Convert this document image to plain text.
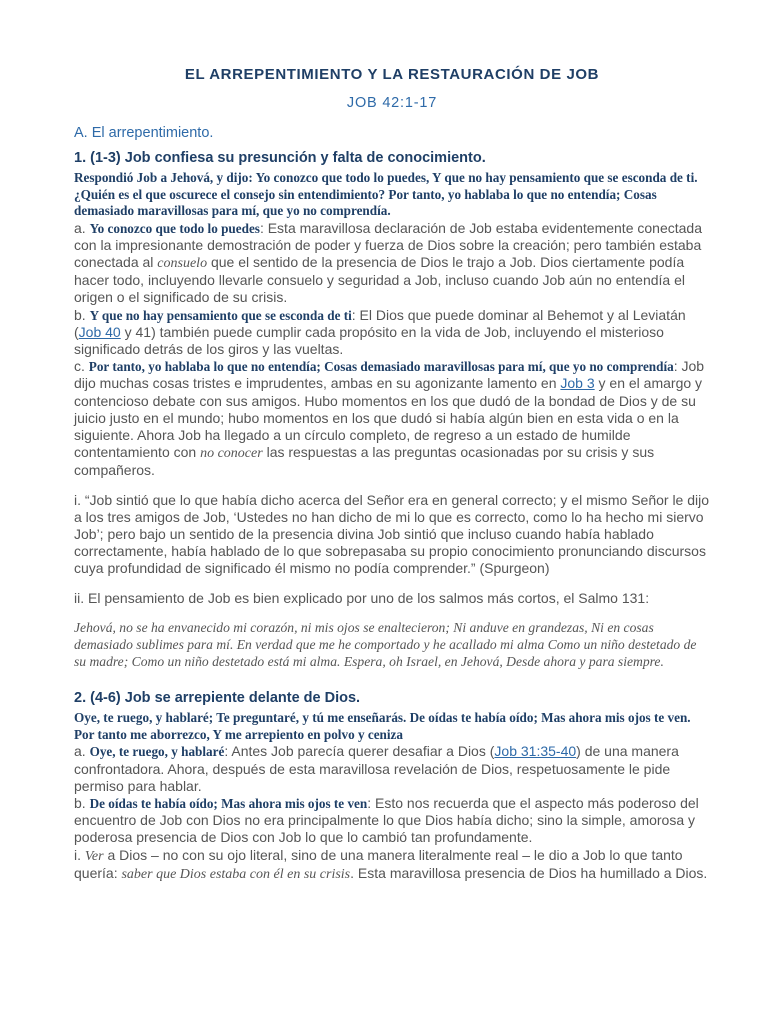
EL ARREPENTIMIENTO Y LA RESTAURACIÓN DE JOB
JOB 42:1-17
A. El arrepentimiento.
1. (1-3) Job confiesa su presunción y falta de conocimiento.

Respondió Job a Jehová, y dijo: Yo conozco que todo lo puedes, Y que no hay pensamiento que se esconda de ti. ¿Quién es el que oscurece el consejo sin entendimiento? Por tanto, yo hablaba lo que no entendía; Cosas demasiado maravillosas para mí, que yo no comprendía.

a. Yo conozco que todo lo puedes: Esta maravillosa declaración de Job estaba evidentemente conectada con la impresionante demostración de poder y fuerza de Dios sobre la creación; pero también estaba conectada al consuelo que el sentido de la presencia de Dios le trajo a Job. Dios ciertamente podía hacer todo, incluyendo llevarle consuelo y seguridad a Job, incluso cuando Job aún no entendía el origen o el significado de su crisis.

b. Y que no hay pensamiento que se esconda de ti: El Dios que puede dominar al Behemot y al Leviatán (Job 40 y 41) también puede cumplir cada propósito en la vida de Job, incluyendo el misterioso significado detrás de los giros y las vueltas.

c. Por tanto, yo hablaba lo que no entendía; Cosas demasiado maravillosas para mí, que yo no comprendía: Job dijo muchas cosas tristes e imprudentes, ambas en su agonizante lamento en Job 3 y en el amargo y contencioso debate con sus amigos. Hubo momentos en los que dudó de la bondad de Dios y de su juicio justo en el mundo; hubo momentos en los que dudó si había algún bien en esta vida o en la siguiente. Ahora Job ha llegado a un círculo completo, de regreso a un estado de humilde contentamiento con no conocer las respuestas a las preguntas ocasionadas por su crisis y sus compañeros.

i. “Job sintió que lo que había dicho acerca del Señor era en general correcto; y el mismo Señor le dijo a los tres amigos de Job, ‘Ustedes no han dicho de mi lo que es correcto, como lo ha hecho mi siervo Job’; pero bajo un sentido de la presencia divina Job sintió que incluso cuando había hablado correctamente, había hablado de lo que sobrepasaba su propio conocimiento pronunciando discursos cuya profundidad de significado él mismo no podía comprender.” (Spurgeon)

ii. El pensamiento de Job es bien explicado por uno de los salmos más cortos, el Salmo 131:

Jehová, no se ha envanecido mi corazón, ni mis ojos se enaltecieron; Ni anduve en grandezas, Ni en cosas demasiado sublimes para mí. En verdad que me he comportado y he acallado mi alma Como un niño destetado de su madre; Como un niño destetado está mi alma. Espera, oh Israel, en Jehová, Desde ahora y para siempre.

2. (4-6) Job se arrepiente delante de Dios.

Oye, te ruego, y hablaré; Te preguntaré, y tú me enseñarás. De oídas te había oído; Mas ahora mis ojos te ven. Por tanto me aborrezco, Y me arrepiento en polvo y ceniza

a. Oye, te ruego, y hablaré: Antes Job parecía querer desafiar a Dios (Job 31:35-40) de una manera confrontadora. Ahora, después de esta maravillosa revelación de Dios, respetuosamente le pide permiso para hablar.

b. De oídas te había oído; Mas ahora mis ojos te ven: Esto nos recuerda que el aspecto más poderoso del encuentro de Job con Dios no era principalmente lo que Dios había dicho; sino la simple, amorosa y poderosa presencia de Dios con Job lo que lo cambió tan profundamente.

i. Ver a Dios – no con su ojo literal, sino de una manera literalmente real – le dio a Job lo que tanto quería: saber que Dios estaba con él en su crisis. Esta maravillosa presencia de Dios ha humillado a Dios.
